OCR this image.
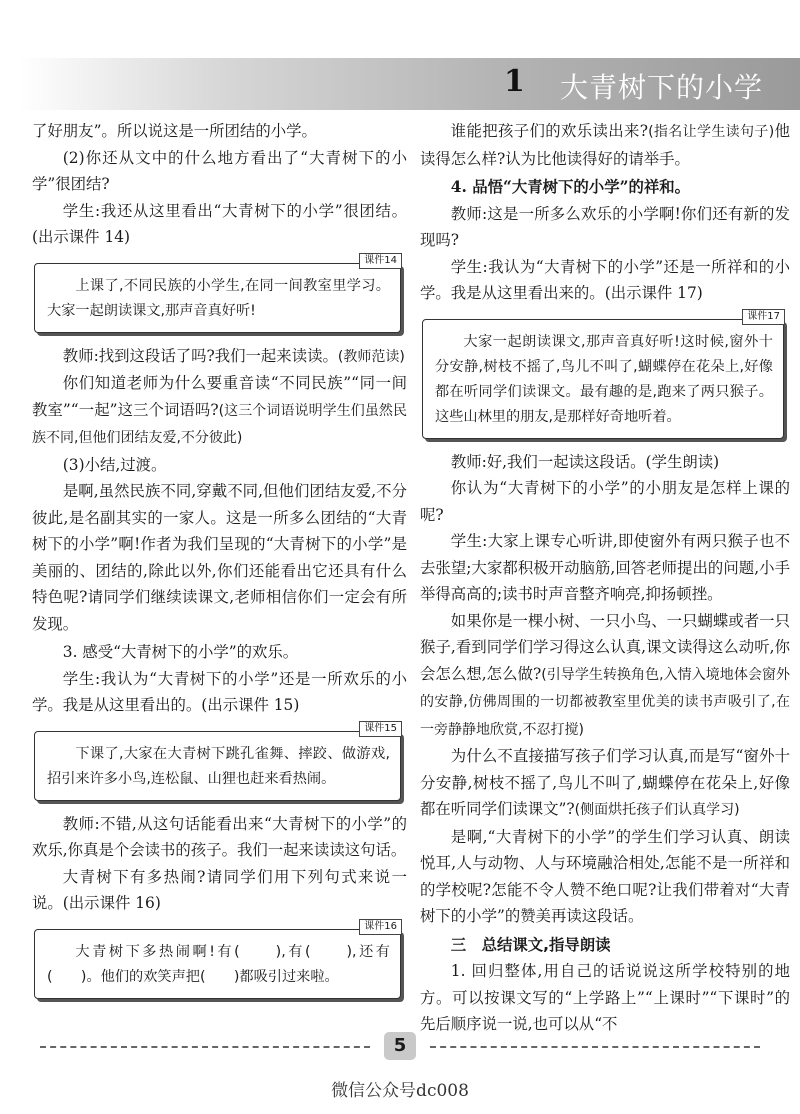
1 大青树下的小学

了好朋友”。所以说这是一所团结的小学。

(2)你还从文中的什么地方看出了“大青树下的小学”很团结?

学生:我还从这里看出“大青树下的小学”很团结。(出示课件 14)

课件14

上课了,不同民族的小学生,在同一间教室里学习。大家一起朗读课文,那声音真好听!

教师:找到这段话了吗?我们一起来读读。(教师范读)

你们知道老师为什么要重音读“不同民族”“同一间教室”“一起”这三个词语吗?(这三个词语说明学生们虽然民族不同,但他们团结友爱,不分彼此)

(3)小结,过渡。

是啊,虽然民族不同,穿戴不同,但他们团结友爱,不分彼此,是名副其实的一家人。这是一所多么团结的“大青树下的小学”啊!作者为我们呈现的“大青树下的小学”是美丽的、团结的,除此以外,你们还能看出它还具有什么特色呢?请同学们继续读课文,老师相信你们一定会有所发现。

3. 感受“大青树下的小学”的欢乐。

学生:我认为“大青树下的小学”还是一所欢乐的小学。我是从这里看出的。(出示课件 15)

课件15

下课了,大家在大青树下跳孔雀舞、摔跤、做游戏,招引来许多小鸟,连松鼠、山狸也赶来看热闹。

教师:不错,从这句话能看出来“大青树下的小学”的欢乐,你真是个会读书的孩子。我们一起来读读这句话。

大青树下有多热闹?请同学们用下列句式来说一说。(出示课件 16)

课件16

大青树下多热闹啊!有(　　),有(　　),还有(　　)。他们的欢笑声把(　　)都吸引过来啦。

谁能把孩子们的欢乐读出来?(指名让学生读句子)他读得怎么样?认为比他读得好的请举手。

4. 品悟“大青树下的小学”的祥和。

教师:这是一所多么欢乐的小学啊!你们还有新的发现吗?

学生:我认为“大青树下的小学”还是一所祥和的小学。我是从这里看出来的。(出示课件 17)

课件17

大家一起朗读课文,那声音真好听!这时候,窗外十分安静,树枝不摇了,鸟儿不叫了,蝴蝶停在花朵上,好像都在听同学们读课文。最有趣的是,跑来了两只猴子。这些山林里的朋友,是那样好奇地听着。

教师:好,我们一起读这段话。(学生朗读)

你认为“大青树下的小学”的小朋友是怎样上课的呢?

学生:大家上课专心听讲,即使窗外有两只猴子也不去张望;大家都积极开动脑筋,回答老师提出的问题,小手举得高高的;读书时声音整齐响亮,抑扬顿挫。

如果你是一棵小树、一只小鸟、一只蝴蝶或者一只猴子,看到同学们学习得这么认真,课文读得这么动听,你会怎么想,怎么做?(引导学生转换角色,入情入境地体会窗外的安静,仿佛周围的一切都被教室里优美的读书声吸引了,在一旁静静地欣赏,不忍打搅)

为什么不直接描写孩子们学习认真,而是写“窗外十分安静,树枝不摇了,鸟儿不叫了,蝴蝶停在花朵上,好像都在听同学们读课文”?(侧面烘托孩子们认真学习)

是啊,“大青树下的小学”的学生们学习认真、朗读悦耳,人与动物、人与环境融洽相处,怎能不是一所祥和的学校呢?怎能不令人赞不绝口呢?让我们带着对“大青树下的小学”的赞美再读这段话。

三　总结课文,指导朗读

1. 回归整体,用自己的话说说这所学校特别的地方。可以按课文写的“上学路上”“上课时”“下课时”的先后顺序说一说,也可以从“不

5
微信公众号dc008
